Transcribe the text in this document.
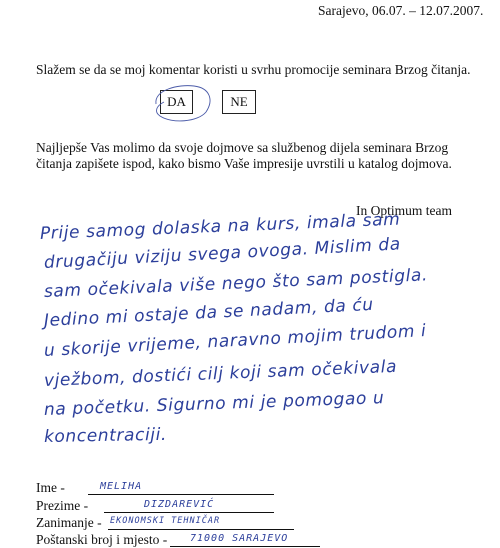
Sarajevo, 06.07. – 12.07.2007.
Slažem se da se moj komentar koristi u svrhu promocije seminara Brzog čitanja.
DA	NE
Najljepše Vas molimo da svoje dojmove sa službenog dijela seminara Brzog
čitanja zapišete ispod, kako bismo Vaše impresije uvrstili u katalog dojmova.
In Optimum team
Prije samog dolaska na kurs, imala sam
drugačiju viziju svega ovoga. Mislim da
sam očekivala više nego što sam postigla.
Jedino mi ostaje da se nadam, da ću
u skorije vrijeme, naravno mojim trudom i
vježbom, dostići cilj koji sam očekivala
na početku. Sigurno mi je pomogao u
koncentraciji.
Ime -	MELIHA
Prezime -	DIZDAREVIĆ
Zanimanje - EKONOMSKI TEHNIČAR
Poštanski broj i mjesto -	71000 SARAJEVO
